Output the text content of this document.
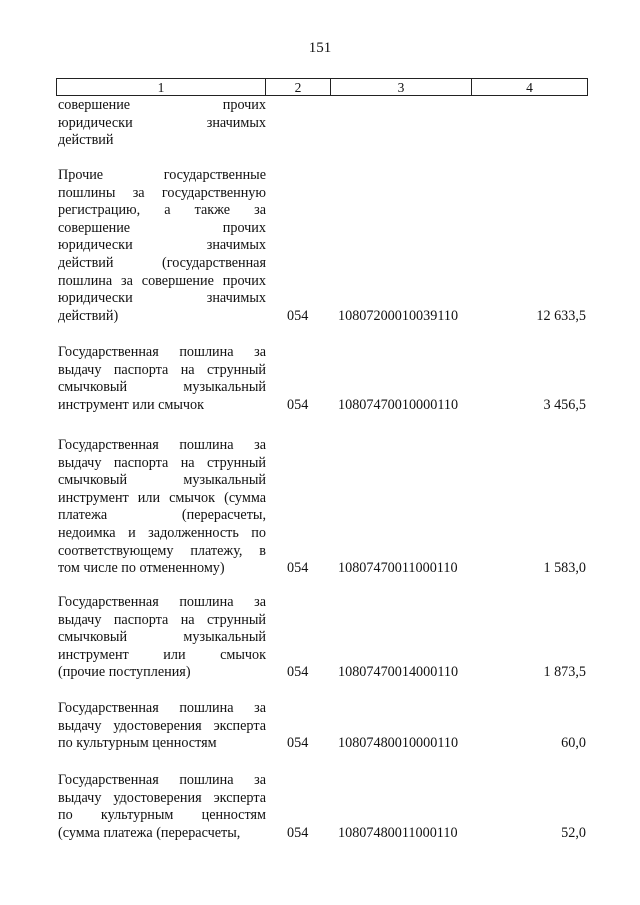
151
1	2	3	4
совершение прочих
юридически значимых
действий
Прочие государственные
пошлины за государственную
регистрацию, а также за
совершение прочих
юридически значимых
действий (государственная
пошлина за совершение прочих
юридически значимых
действий)	054	10807200010039110	12 633,5
Государственная пошлина за
выдачу паспорта на струнный
смычковый музыкальный
инструмент или смычок	054	10807470010000110	3 456,5
Государственная пошлина за
выдачу паспорта на струнный
смычковый музыкальный
инструмент или смычок (сумма
платежа (перерасчеты,
недоимка и задолженность по
соответствующему платежу, в
том числе по отмененному)	054	10807470011000110	1 583,0
Государственная пошлина за
выдачу паспорта на струнный
смычковый музыкальный
инструмент или смычок
(прочие поступления)	054	10807470014000110	1 873,5
Государственная пошлина за
выдачу удостоверения эксперта
по культурным ценностям	054	10807480010000110	60,0
Государственная пошлина за
выдачу удостоверения эксперта
по культурным ценностям
(сумма платежа (перерасчеты,	054	10807480011000110	52,0
